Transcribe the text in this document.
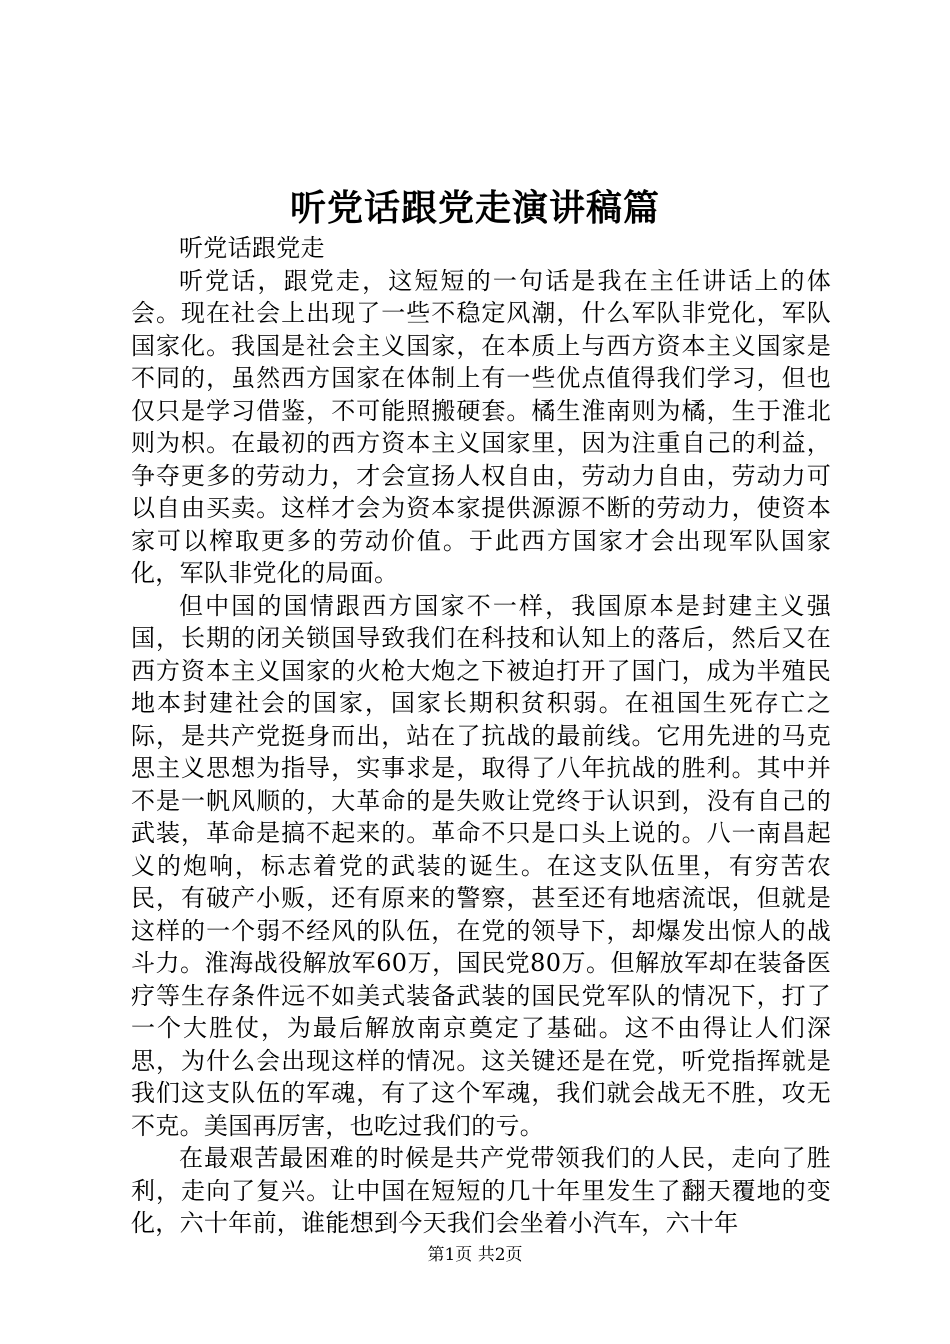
听党话跟党走演讲稿篇

听党话跟党走

听党话，跟党走，这短短的一句话是我在主任讲话上的体会。现在社会上出现了一些不稳定风潮，什么军队非党化，军队国家化。我国是社会主义国家，在本质上与西方资本主义国家是不同的，虽然西方国家在体制上有一些优点值得我们学习，但也仅只是学习借鉴，不可能照搬硬套。橘生淮南则为橘，生于淮北则为枳。在最初的西方资本主义国家里，因为注重自己的利益，争夺更多的劳动力，才会宣扬人权自由，劳动力自由，劳动力可以自由买卖。这样才会为资本家提供源源不断的劳动力，使资本家可以榨取更多的劳动价值。于此西方国家才会出现军队国家化，军队非党化的局面。

但中国的国情跟西方国家不一样，我国原本是封建主义强国，长期的闭关锁国导致我们在科技和认知上的落后，然后又在西方资本主义国家的火枪大炮之下被迫打开了国门，成为半殖民地本封建社会的国家，国家长期积贫积弱。在祖国生死存亡之际，是共产党挺身而出，站在了抗战的最前线。它用先进的马克思主义思想为指导，实事求是，取得了八年抗战的胜利。其中并不是一帆风顺的，大革命的是失败让党终于认识到，没有自己的武装，革命是搞不起来的。革命不只是口头上说的。八一南昌起义的炮响，标志着党的武装的诞生。在这支队伍里，有穷苦农民，有破产小贩，还有原来的警察，甚至还有地痞流氓，但就是这样的一个弱不经风的队伍，在党的领导下，却爆发出惊人的战斗力。淮海战役解放军60万，国民党80万。但解放军却在装备医疗等生存条件远不如美式装备武装的国民党军队的情况下，打了一个大胜仗，为最后解放南京奠定了基础。这不由得让人们深思，为什么会出现这样的情况。这关键还是在党，听党指挥就是我们这支队伍的军魂，有了这个军魂，我们就会战无不胜，攻无不克。美国再厉害，也吃过我们的亏。

在最艰苦最困难的时候是共产党带领我们的人民，走向了胜利，走向了复兴。让中国在短短的几十年里发生了翻天覆地的变化，六十年前，谁能想到今天我们会坐着小汽车，六十年

第1页 共2页
